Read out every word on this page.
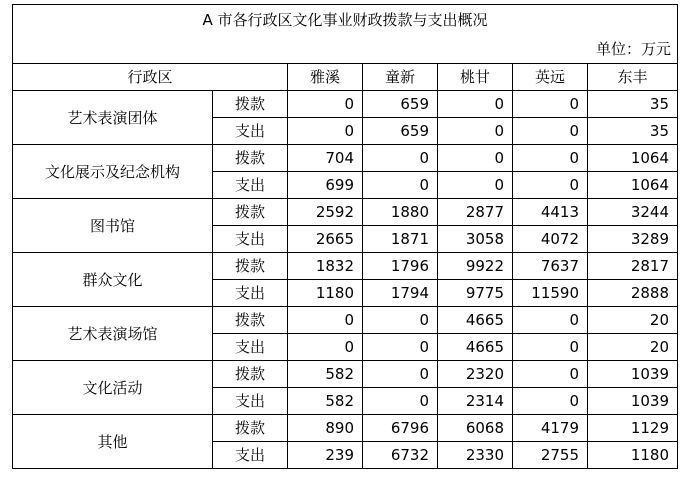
A 市各行政区文化事业财政拨款与支出概况						
单位：万元						
行政区		雅溪	童新	桃甘	英远	东丰
艺术表演团体	拨款	0	659	0	0	35
	支出	0	659	0	0	35
文化展示及纪念机构	拨款	704	0	0	0	1064
	支出	699	0	0	0	1064
图书馆	拨款	2592	1880	2877	4413	3244
	支出	2665	1871	3058	4072	3289
群众文化	拨款	1832	1796	9922	7637	2817
	支出	1180	1794	9775	11590	2888
艺术表演场馆	拨款	0	0	4665	0	20
	支出	0	0	4665	0	20
文化活动	拨款	582	0	2320	0	1039
	支出	582	0	2314	0	1039
其他	拨款	890	6796	6068	4179	1129
	支出	239	6732	2330	2755	1180
